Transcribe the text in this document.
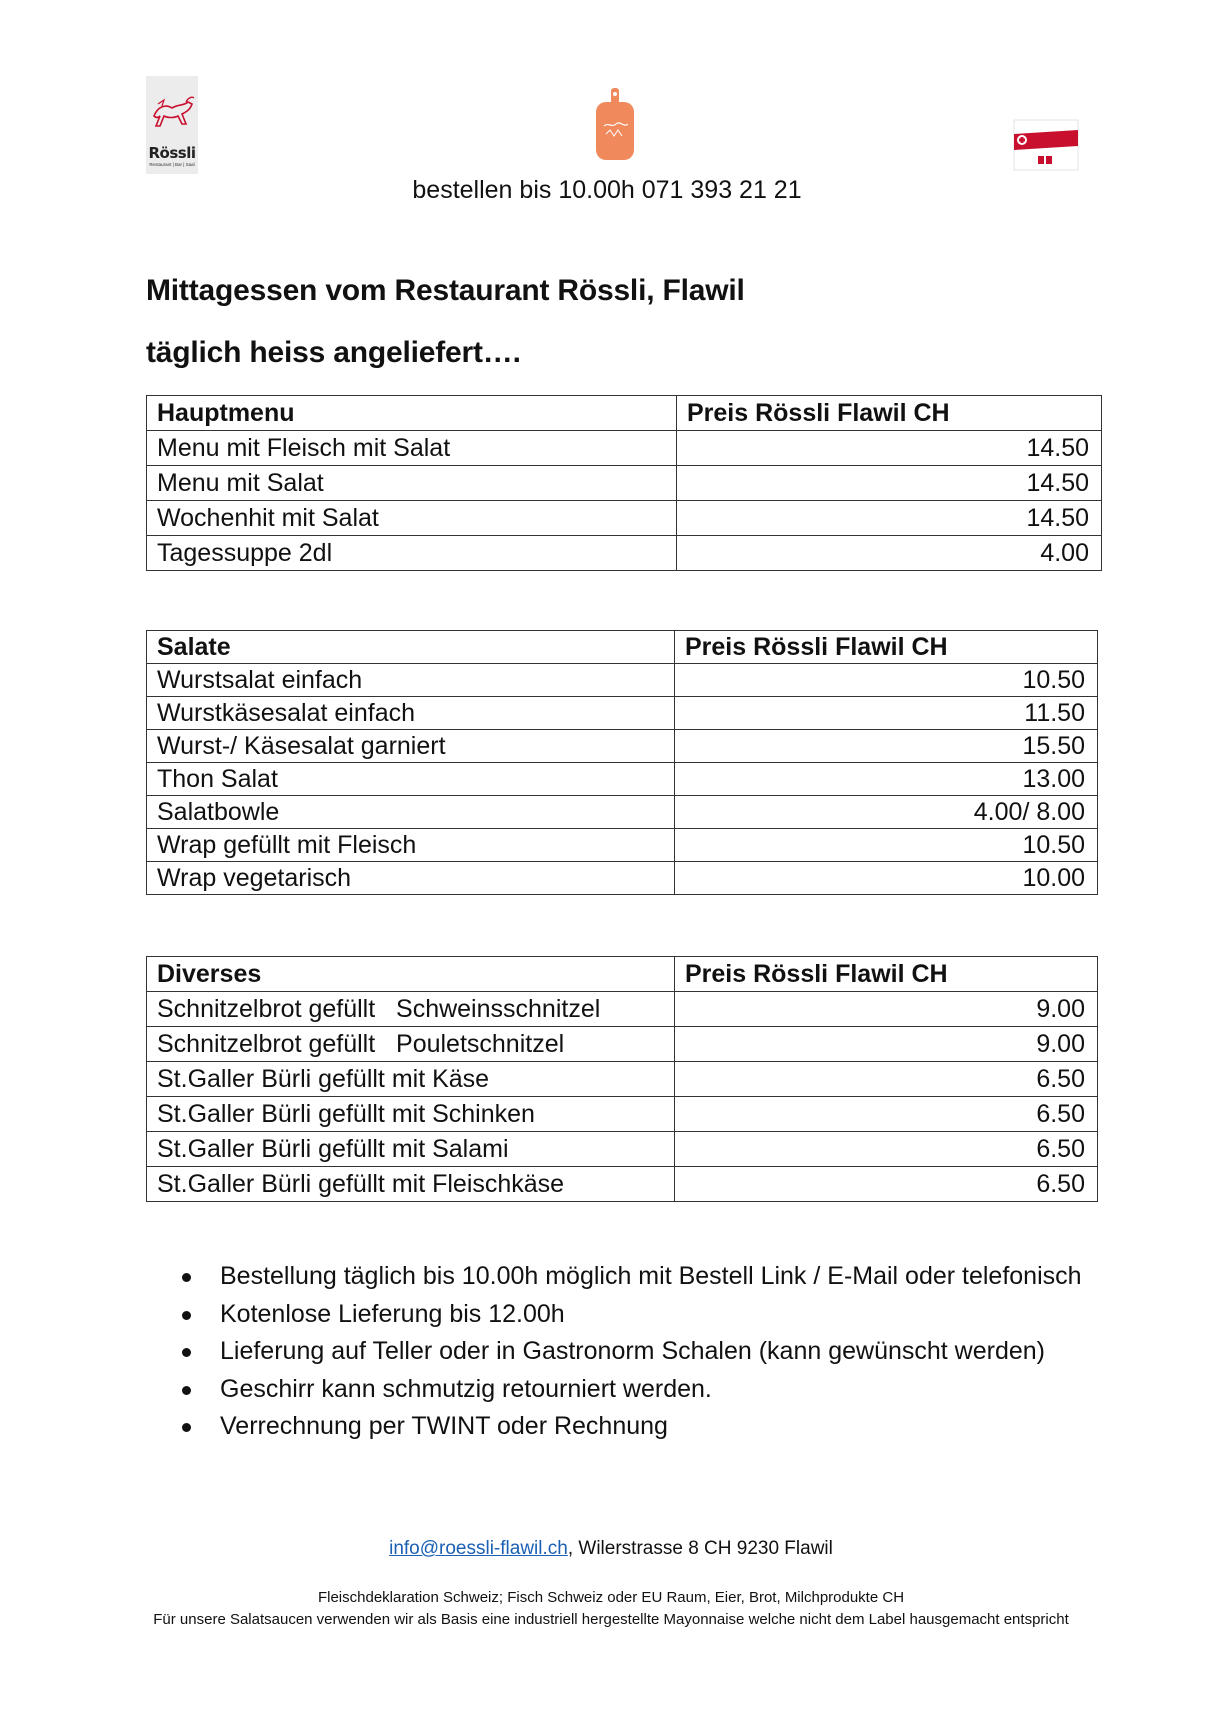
Rössli
Restaurant | Bar | Saal
bestellen bis 10.00h 071 393 21 21
Mittagessen vom Restaurant Rössli, Flawil
täglich heiss angeliefert….
Hauptmenu	Preis Rössli Flawil CH
Menu mit Fleisch mit Salat	14.50
Menu mit Salat	14.50
Wochenhit mit Salat	14.50
Tagessuppe 2dl	4.00
Salate	Preis Rössli Flawil CH
Wurstsalat einfach	10.50
Wurstkäsesalat einfach	11.50
Wurst-/ Käsesalat garniert	15.50
Thon Salat	13.00
Salatbowle	4.00/ 8.00
Wrap gefüllt mit Fleisch	10.50
Wrap vegetarisch	10.00
Diverses	Preis Rössli Flawil CH
Schnitzelbrot gefüllt   Schweinsschnitzel	9.00
Schnitzelbrot gefüllt   Pouletschnitzel	9.00
St.Galler Bürli gefüllt mit Käse	6.50
St.Galler Bürli gefüllt mit Schinken	6.50
St.Galler Bürli gefüllt mit Salami	6.50
St.Galler Bürli gefüllt mit Fleischkäse	6.50
Bestellung täglich bis 10.00h möglich mit Bestell Link / E-Mail oder telefonisch
Kotenlose Lieferung bis 12.00h
Lieferung auf Teller oder in Gastronorm Schalen (kann gewünscht werden)
Geschirr kann schmutzig retourniert werden.
Verrechnung per TWINT oder Rechnung
info@roessli-flawil.ch, Wilerstrasse 8 CH 9230 Flawil
Fleischdeklaration Schweiz; Fisch Schweiz oder EU Raum, Eier, Brot, Milchprodukte CH
Für unsere Salatsaucen verwenden wir als Basis eine industriell hergestellte Mayonnaise welche nicht dem Label hausgemacht entspricht
